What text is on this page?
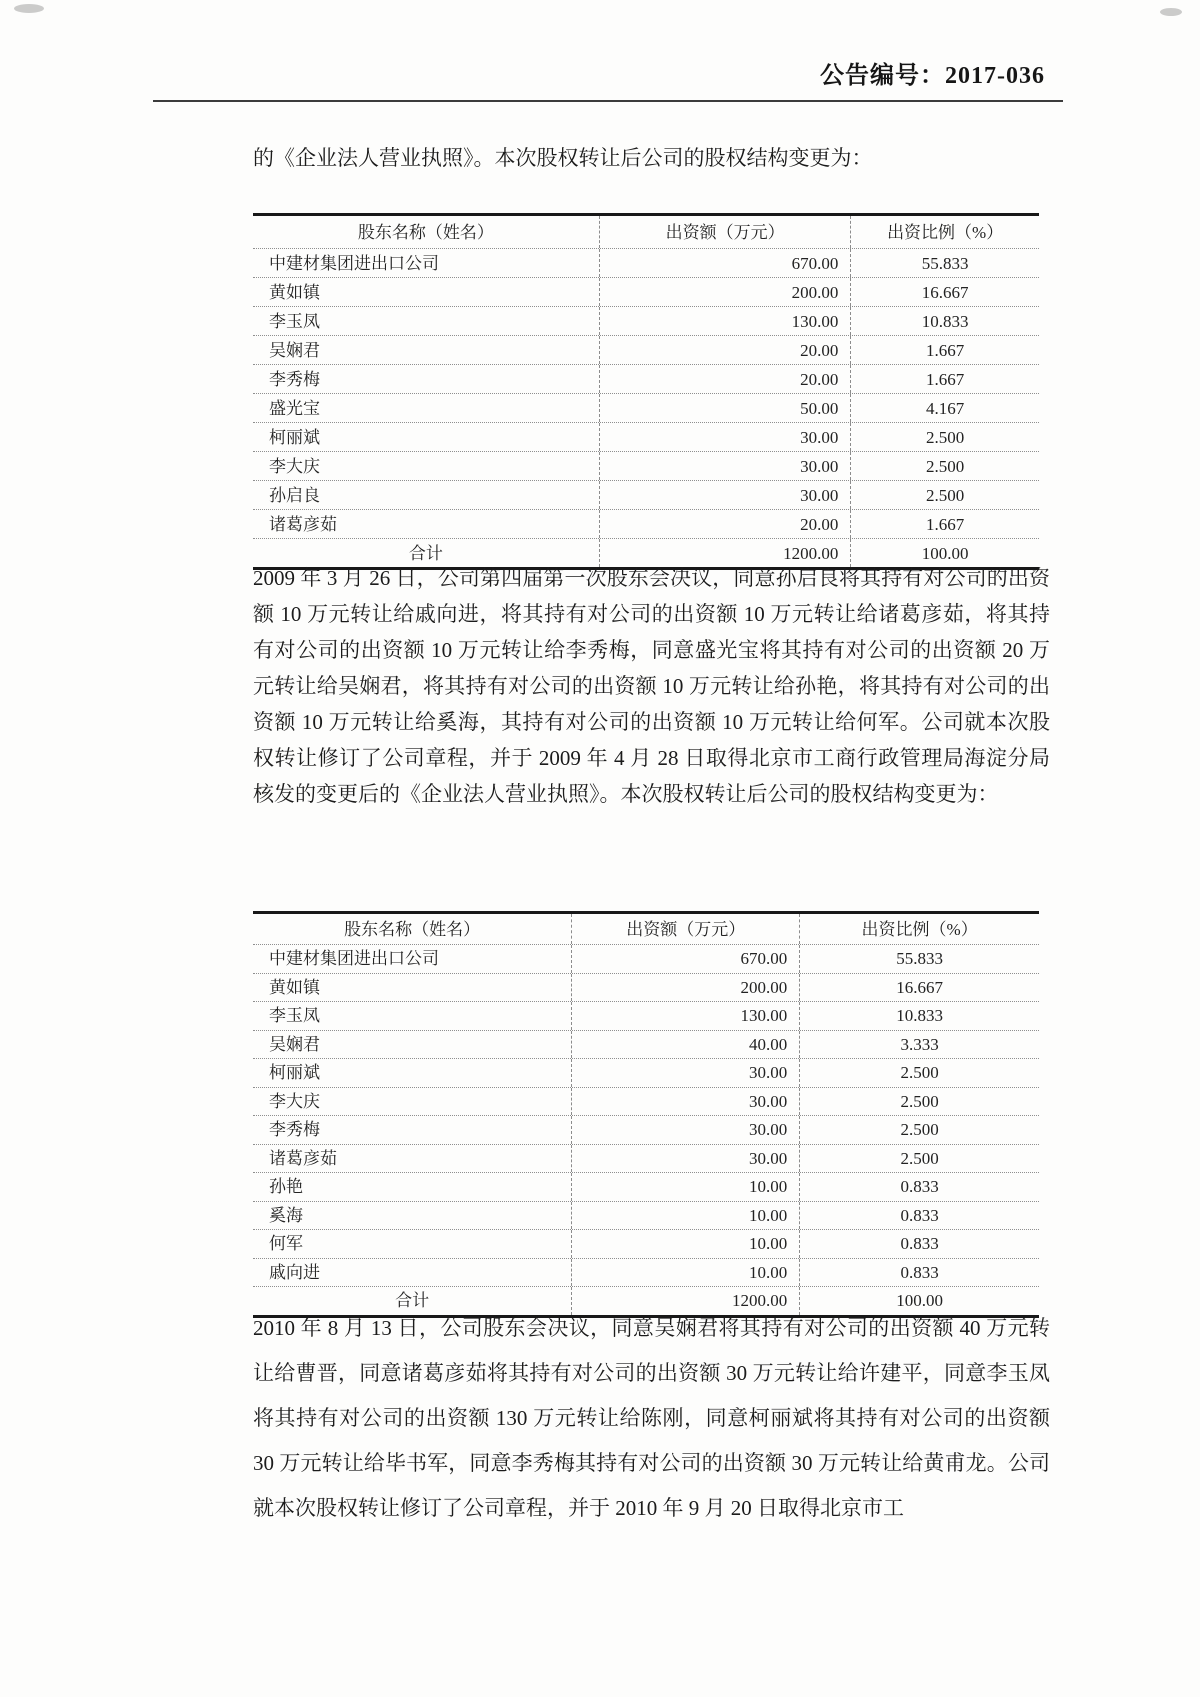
公告编号：2017-036
的《企业法人营业执照》。本次股权转让后公司的股权结构变更为：
股东名称（姓名）	出资额（万元）	出资比例（%）
中建材集团进出口公司	670.00	55.833
黄如镇	200.00	16.667
李玉凤	130.00	10.833
吴娴君	20.00	1.667
李秀梅	20.00	1.667
盛光宝	50.00	4.167
柯丽斌	30.00	2.500
李大庆	30.00	2.500
孙启良	30.00	2.500
诸葛彦茹	20.00	1.667
合计	1200.00	100.00
2009 年 3 月 26 日，公司第四届第一次股东会决议，同意孙启良将其持有对公司的出资额 10 万元转让给戚向进，将其持有对公司的出资额 10 万元转让给诸葛彦茹，将其持有对公司的出资额 10 万元转让给李秀梅，同意盛光宝将其持有对公司的出资额 20 万元转让给吴娴君，将其持有对公司的出资额 10 万元转让给孙艳，将其持有对公司的出资额 10 万元转让给奚海，其持有对公司的出资额 10 万元转让给何军。公司就本次股权转让修订了公司章程，并于 2009 年 4 月 28 日取得北京市工商行政管理局海淀分局核发的变更后的《企业法人营业执照》。本次股权转让后公司的股权结构变更为：
股东名称（姓名）	出资额（万元）	出资比例（%）
中建材集团进出口公司	670.00	55.833
黄如镇	200.00	16.667
李玉凤	130.00	10.833
吴娴君	40.00	3.333
柯丽斌	30.00	2.500
李大庆	30.00	2.500
李秀梅	30.00	2.500
诸葛彦茹	30.00	2.500
孙艳	10.00	0.833
奚海	10.00	0.833
何军	10.00	0.833
戚向进	10.00	0.833
合计	1200.00	100.00
2010 年 8 月 13 日，公司股东会决议，同意吴娴君将其持有对公司的出资额 40 万元转让给曹晋，同意诸葛彦茹将其持有对公司的出资额 30 万元转让给许建平，同意李玉凤将其持有对公司的出资额 130 万元转让给陈刚，同意柯丽斌将其持有对公司的出资额 30 万元转让给毕书军，同意李秀梅其持有对公司的出资额 30 万元转让给黄甫龙。公司就本次股权转让修订了公司章程，并于 2010 年 9 月 20 日取得北京市工
